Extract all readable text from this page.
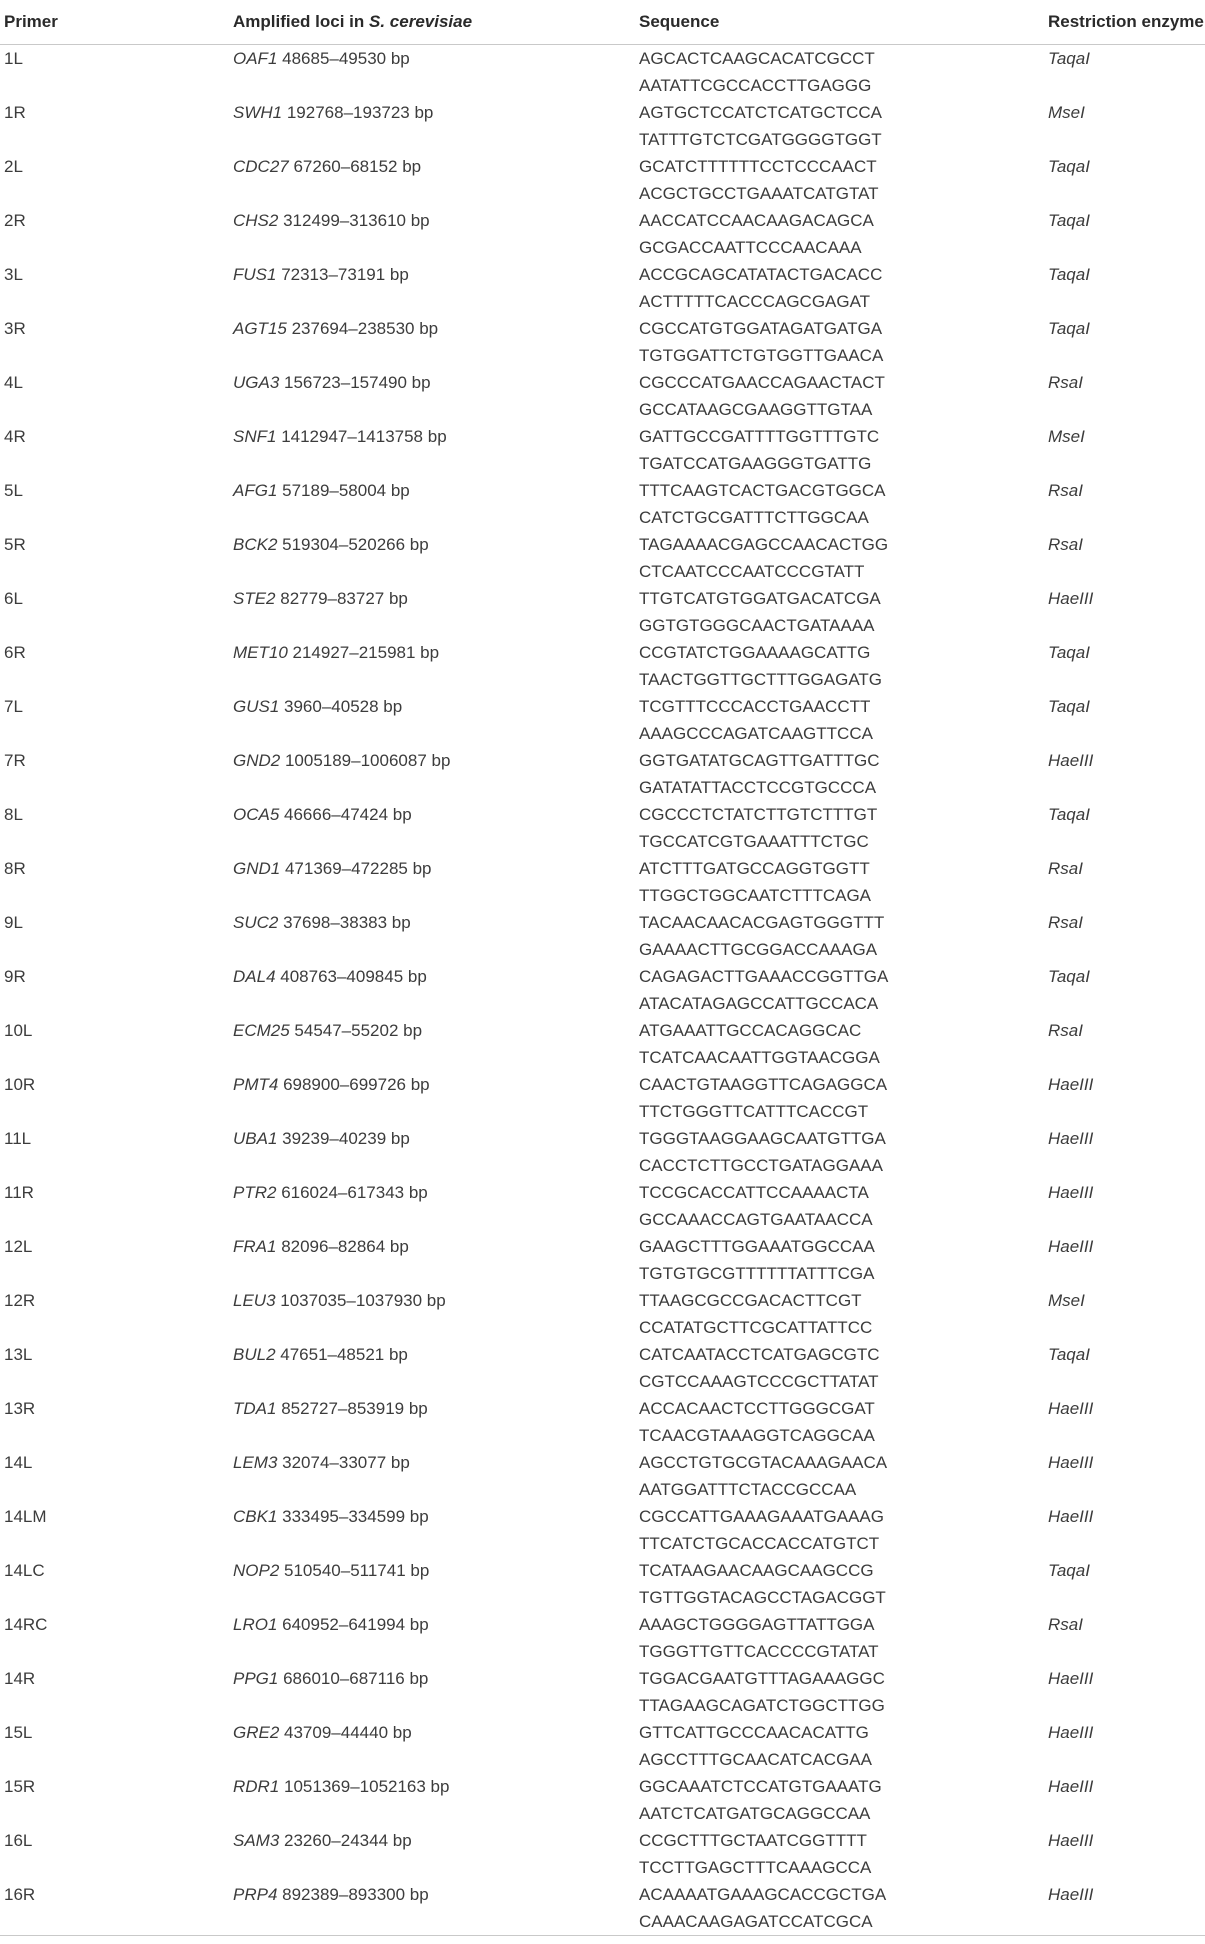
Primer	Amplified loci in S. cerevisiae	Sequence	Restriction enzyme
1L	OAF1 48685–49530 bp	AGCACTCAAGCACATCGCCT
AATATTCGCCACCTTGAGGG	TaqaI
1R	SWH1 192768–193723 bp	AGTGCTCCATCTCATGCTCCA
TATTTGTCTCGATGGGGTGGT	MseI
2L	CDC27 67260–68152 bp	GCATCTTTTTTCCTCCCAACT
ACGCTGCCTGAAATCATGTAT	TaqaI
2R	CHS2 312499–313610 bp	AACCATCCAACAAGACAGCA
GCGACCAATTCCCAACAAA	TaqaI
3L	FUS1 72313–73191 bp	ACCGCAGCATATACTGACACC
ACTTTTTCACCCAGCGAGAT	TaqaI
3R	AGT15 237694–238530 bp	CGCCATGTGGATAGATGATGA
TGTGGATTCTGTGGTTGAACA	TaqaI
4L	UGA3 156723–157490 bp	CGCCCATGAACCAGAACTACT
GCCATAAGCGAAGGTTGTAA	RsaI
4R	SNF1 1412947–1413758 bp	GATTGCCGATTTTGGTTTGTC
TGATCCATGAAGGGTGATTG	MseI
5L	AFG1 57189–58004 bp	TTTCAAGTCACTGACGTGGCA
CATCTGCGATTTCTTGGCAA	RsaI
5R	BCK2 519304–520266 bp	TAGAAAACGAGCCAACACTGG
CTCAATCCCAATCCCGTATT	RsaI
6L	STE2 82779–83727 bp	TTGTCATGTGGATGACATCGA
GGTGTGGGCAACTGATAAAA	HaeIII
6R	MET10 214927–215981 bp	CCGTATCTGGAAAAGCATTG
TAACTGGTTGCTTTGGAGATG	TaqaI
7L	GUS1 3960–40528 bp	TCGTTTCCCACCTGAACCTT
AAAGCCCAGATCAAGTTCCA	TaqaI
7R	GND2 1005189–1006087 bp	GGTGATATGCAGTTGATTTGC
GATATATTACCTCCGTGCCCA	HaeIII
8L	OCA5 46666–47424 bp	CGCCCTCTATCTTGTCTTTGT
TGCCATCGTGAAATTTCTGC	TaqaI
8R	GND1 471369–472285 bp	ATCTTTGATGCCAGGTGGTT
TTGGCTGGCAATCTTTCAGA	RsaI
9L	SUC2 37698–38383 bp	TACAACAACACGAGTGGGTTT
GAAAACTTGCGGACCAAAGA	RsaI
9R	DAL4 408763–409845 bp	CAGAGACTTGAAACCGGTTGA
ATACATAGAGCCATTGCCACA	TaqaI
10L	ECM25 54547–55202 bp	ATGAAATTGCCACAGGCAC
TCATCAACAATTGGTAACGGA	RsaI
10R	PMT4 698900–699726 bp	CAACTGTAAGGTTCAGAGGCA
TTCTGGGTTCATTTCACCGT	HaeIII
11L	UBA1 39239–40239 bp	TGGGTAAGGAAGCAATGTTGA
CACCTCTTGCCTGATAGGAAA	HaeIII
11R	PTR2 616024–617343 bp	TCCGCACCATTCCAAAACTA
GCCAAACCAGTGAATAACCA	HaeIII
12L	FRA1 82096–82864 bp	GAAGCTTTGGAAATGGCCAA
TGTGTGCGTTTTTTATTTCGA	HaeIII
12R	LEU3 1037035–1037930 bp	TTAAGCGCCGACACTTCGT
CCATATGCTTCGCATTATTCC	MseI
13L	BUL2 47651–48521 bp	CATCAATACCTCATGAGCGTC
CGTCCAAAGTCCCGCTTATAT	TaqaI
13R	TDA1 852727–853919 bp	ACCACAACTCCTTGGGCGAT
TCAACGTAAAGGTCAGGCAA	HaeIII
14L	LEM3 32074–33077 bp	AGCCTGTGCGTACAAAGAACA
AATGGATTTCTACCGCCAA	HaeIII
14LM	CBK1 333495–334599 bp	CGCCATTGAAAGAAATGAAAG
TTCATCTGCACCACCATGTCT	HaeIII
14LC	NOP2 510540–511741 bp	TCATAAGAACAAGCAAGCCG
TGTTGGTACAGCCTAGACGGT	TaqaI
14RC	LRO1 640952–641994 bp	AAAGCTGGGGAGTTATTGGA
TGGGTTGTTCACCCCGTATAT	RsaI
14R	PPG1 686010–687116 bp	TGGACGAATGTTTAGAAAGGC
TTAGAAGCAGATCTGGCTTGG	HaeIII
15L	GRE2 43709–44440 bp	GTTCATTGCCCAACACATTG
AGCCTTTGCAACATCACGAA	HaeIII
15R	RDR1 1051369–1052163 bp	GGCAAATCTCCATGTGAAATG
AATCTCATGATGCAGGCCAA	HaeIII
16L	SAM3 23260–24344 bp	CCGCTTTGCTAATCGGTTTT
TCCTTGAGCTTTCAAAGCCA	HaeIII
16R	PRP4 892389–893300 bp	ACAAAATGAAAGCACCGCTGA
CAAACAAGAGATCCATCGCA	HaeIII
